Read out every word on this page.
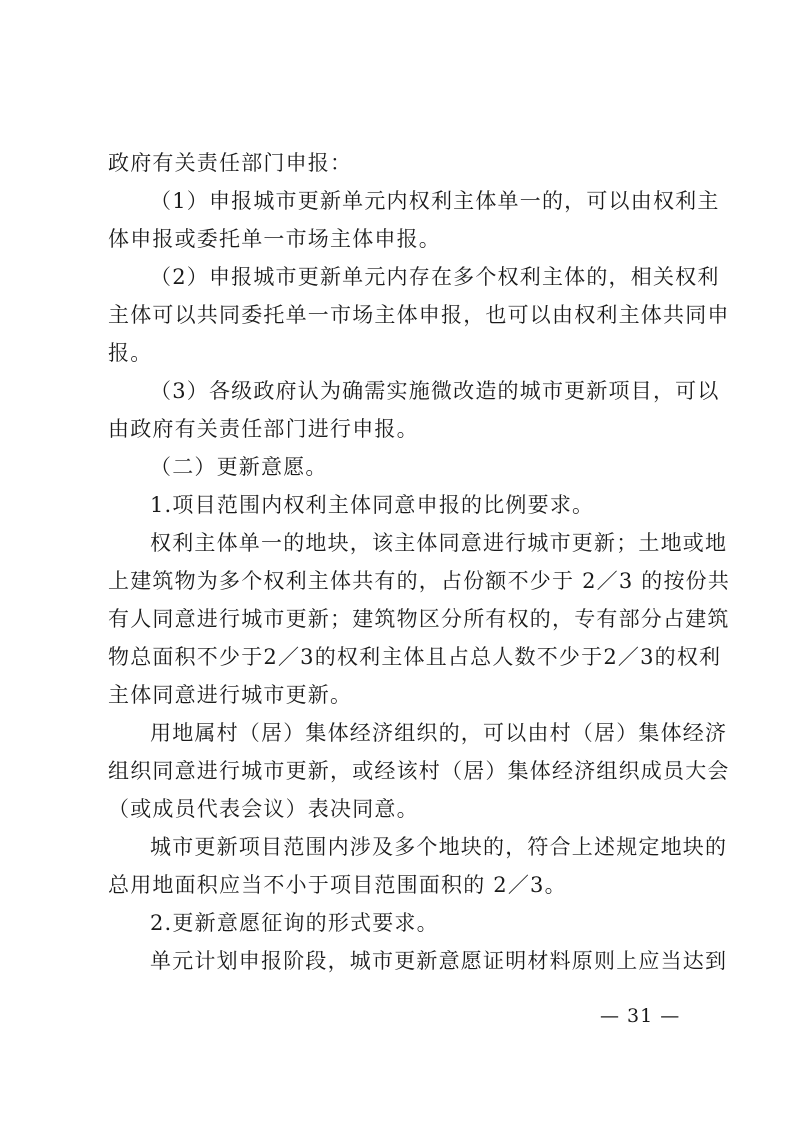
政府有关责任部门申报：
（1）申报城市更新单元内权利主体单一的，可以由权利主
体申报或委托单一市场主体申报。
（2）申报城市更新单元内存在多个权利主体的，相关权利
主体可以共同委托单一市场主体申报，也可以由权利主体共同申
报。
（3）各级政府认为确需实施微改造的城市更新项目，可以
由政府有关责任部门进行申报。
（二）更新意愿。
1.项目范围内权利主体同意申报的比例要求。
权利主体单一的地块，该主体同意进行城市更新；土地或地
上建筑物为多个权利主体共有的，占份额不少于 2／3 的按份共
有人同意进行城市更新；建筑物区分所有权的，专有部分占建筑
物总面积不少于2／3的权利主体且占总人数不少于2／3的权利
主体同意进行城市更新。
用地属村（居）集体经济组织的，可以由村（居）集体经济
组织同意进行城市更新，或经该村（居）集体经济组织成员大会
（或成员代表会议）表决同意。
城市更新项目范围内涉及多个地块的，符合上述规定地块的
总用地面积应当不小于项目范围面积的 2／3。
2.更新意愿征询的形式要求。
单元计划申报阶段，城市更新意愿证明材料原则上应当达到
— 31 —
